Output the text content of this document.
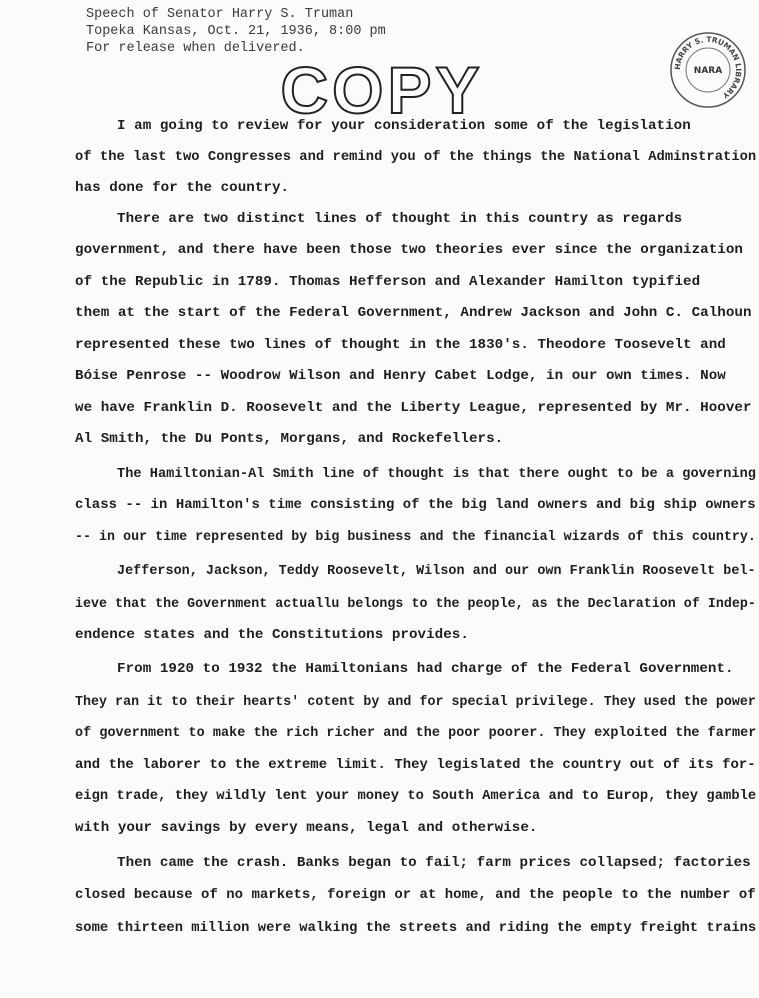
Speech of Senator Harry S. Truman
Topeka Kansas, Oct. 21, 1936, 8:00 pm
For release when delivered.
COPY	HARRY S. TRUMAN LIBRARY
NARA
I am going to review for your consideration some of the legislation
of the last two Congresses and remind you of the things the National Adminstration
has done for the country.
There are two distinct lines of thought in this country as regards
government, and there have been those two theories ever since the organization
of the Republic in 1789. Thomas Hefferson and Alexander Hamilton typified
them at the start of the Federal Government, Andrew Jackson and John C. Calhoun
represented these two lines of thought in the 1830's. Theodore Toosevelt and
Bóise Penrose -- Woodrow Wilson and Henry Cabet Lodge, in our own times. Now
we have Franklin D. Roosevelt and the Liberty League, represented by Mr. Hoover
Al Smith, the Du Ponts, Morgans, and Rockefellers.
The Hamiltonian-Al Smith line of thought is that there ought to be a governing
class -- in Hamilton's time consisting of the big land owners and big ship owners
-- in our time represented by big business and the financial wizards of this country.
Jefferson, Jackson, Teddy Roosevelt, Wilson and our own Franklin Roosevelt bel-
ieve that the Government actuallu belongs to the people, as the Declaration of Indep-
endence states and the Constitutions provides.
From 1920 to 1932 the Hamiltonians had charge of the Federal Government.
They ran it to their hearts' cotent by and for special privilege. They used the power
of government to make the rich richer and the poor poorer. They exploited the farmer
and the laborer to the extreme limit. They legislated the country out of its for-
eign trade, they wildly lent your money to South America and to Europ, they gamble
with your savings by every means, legal and otherwise.
Then came the crash. Banks began to fail; farm prices collapsed; factories
closed because of no markets, foreign or at home, and the people to the number of
some thirteen million were walking the streets and riding the empty freight trains
